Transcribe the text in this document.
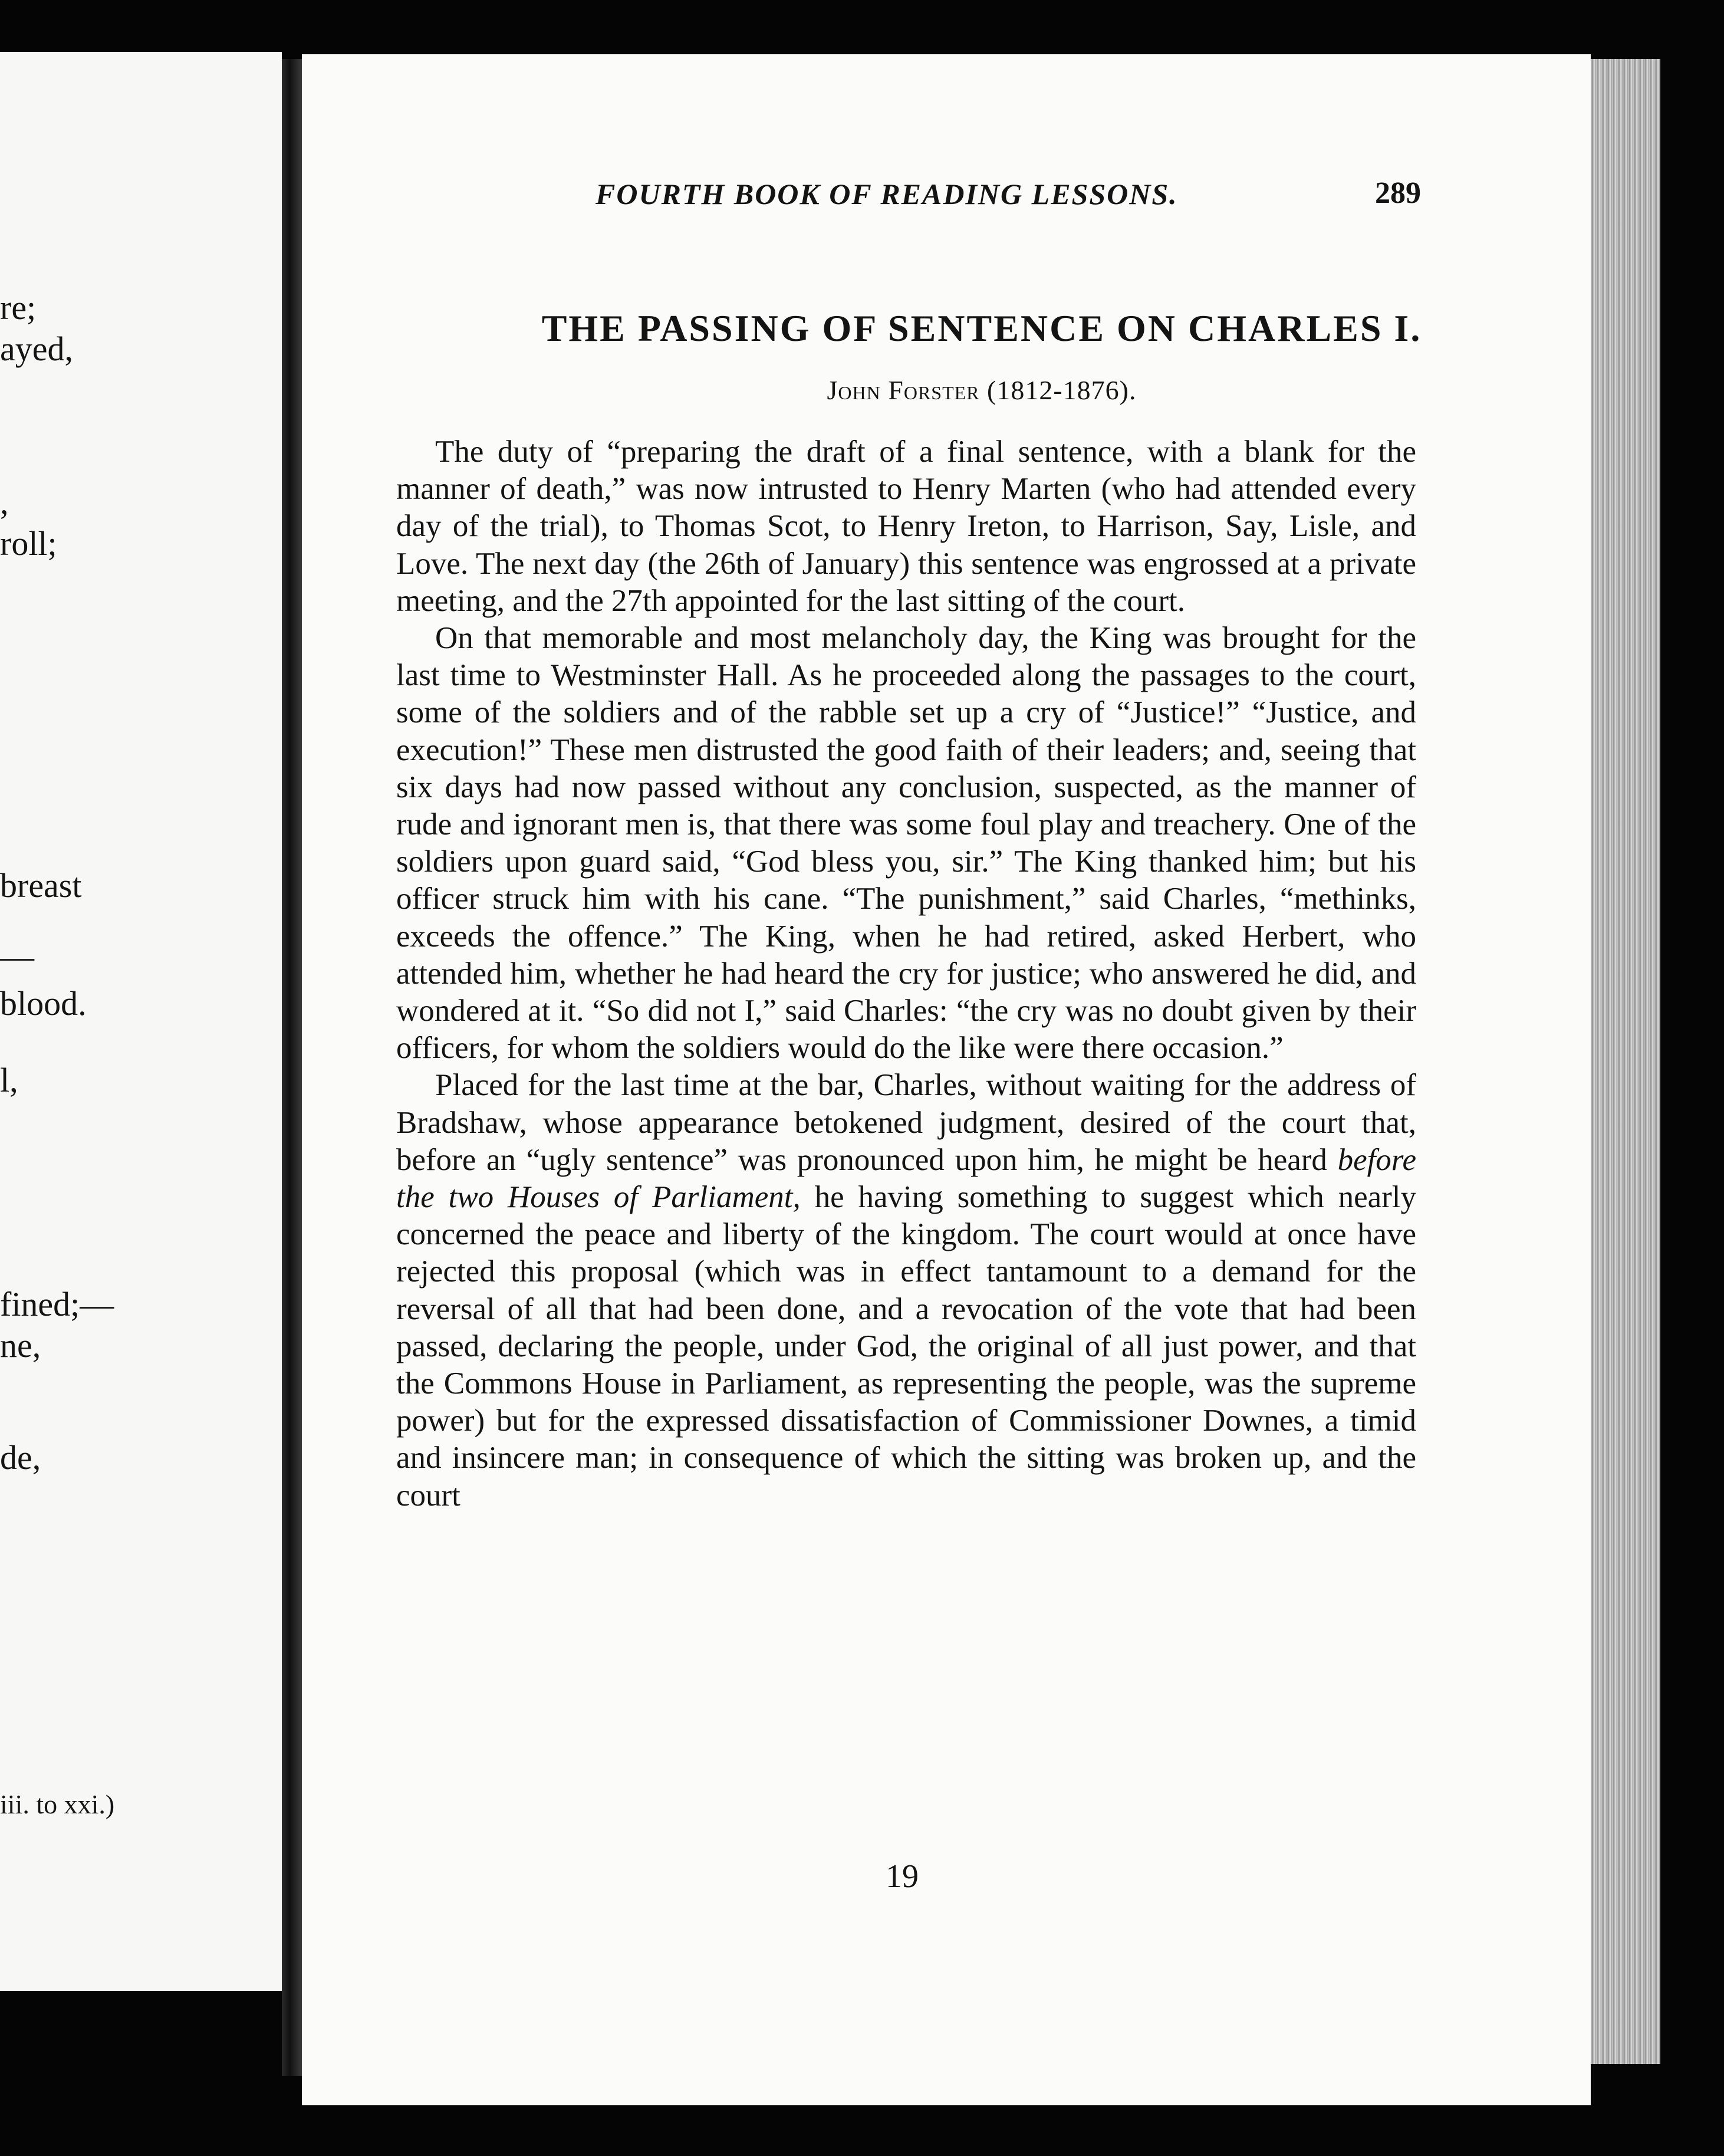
re;
ayed,
,
roll;
breast
—
blood.
l,
fined;—
ne,
de,
iii. to xxi.)
FOURTH BOOK OF READING LESSONS.	289
THE PASSING OF SENTENCE ON CHARLES I.
John Forster (1812-1876).

The duty of “preparing the draft of a final sentence, with a blank for the manner of death,” was now intrusted to Henry Marten (who had attended every day of the trial), to Thomas Scot, to Henry Ireton, to Harrison, Say, Lisle, and Love. The next day (the 26th of January) this sentence was engrossed at a private meeting, and the 27th appointed for the last sitting of the court.

On that memorable and most melancholy day, the King was brought for the last time to Westminster Hall. As he proceeded along the passages to the court, some of the soldiers and of the rabble set up a cry of “Justice!” “Justice, and execution!” These men distrusted the good faith of their leaders; and, seeing that six days had now passed without any conclusion, suspected, as the manner of rude and ignorant men is, that there was some foul play and treachery. One of the soldiers upon guard said, “God bless you, sir.” The King thanked him; but his officer struck him with his cane. “The punishment,” said Charles, “methinks, exceeds the offence.” The King, when he had retired, asked Herbert, who attended him, whether he had heard the cry for justice; who answered he did, and wondered at it. “So did not I,” said Charles: “the cry was no doubt given by their officers, for whom the soldiers would do the like were there occasion.”

Placed for the last time at the bar, Charles, without waiting for the address of Bradshaw, whose appearance betokened judgment, desired of the court that, before an “ugly sentence” was pronounced upon him, he might be heard before the two Houses of Parliament, he having something to suggest which nearly concerned the peace and liberty of the kingdom. The court would at once have rejected this proposal (which was in effect tantamount to a demand for the reversal of all that had been done, and a revocation of the vote that had been passed, declaring the people, under God, the original of all just power, and that the Commons House in Parliament, as representing the people, was the supreme power) but for the expressed dissatisfaction of Commissioner Downes, a timid and insincere man; in consequence of which the sitting was broken up, and the court

19
